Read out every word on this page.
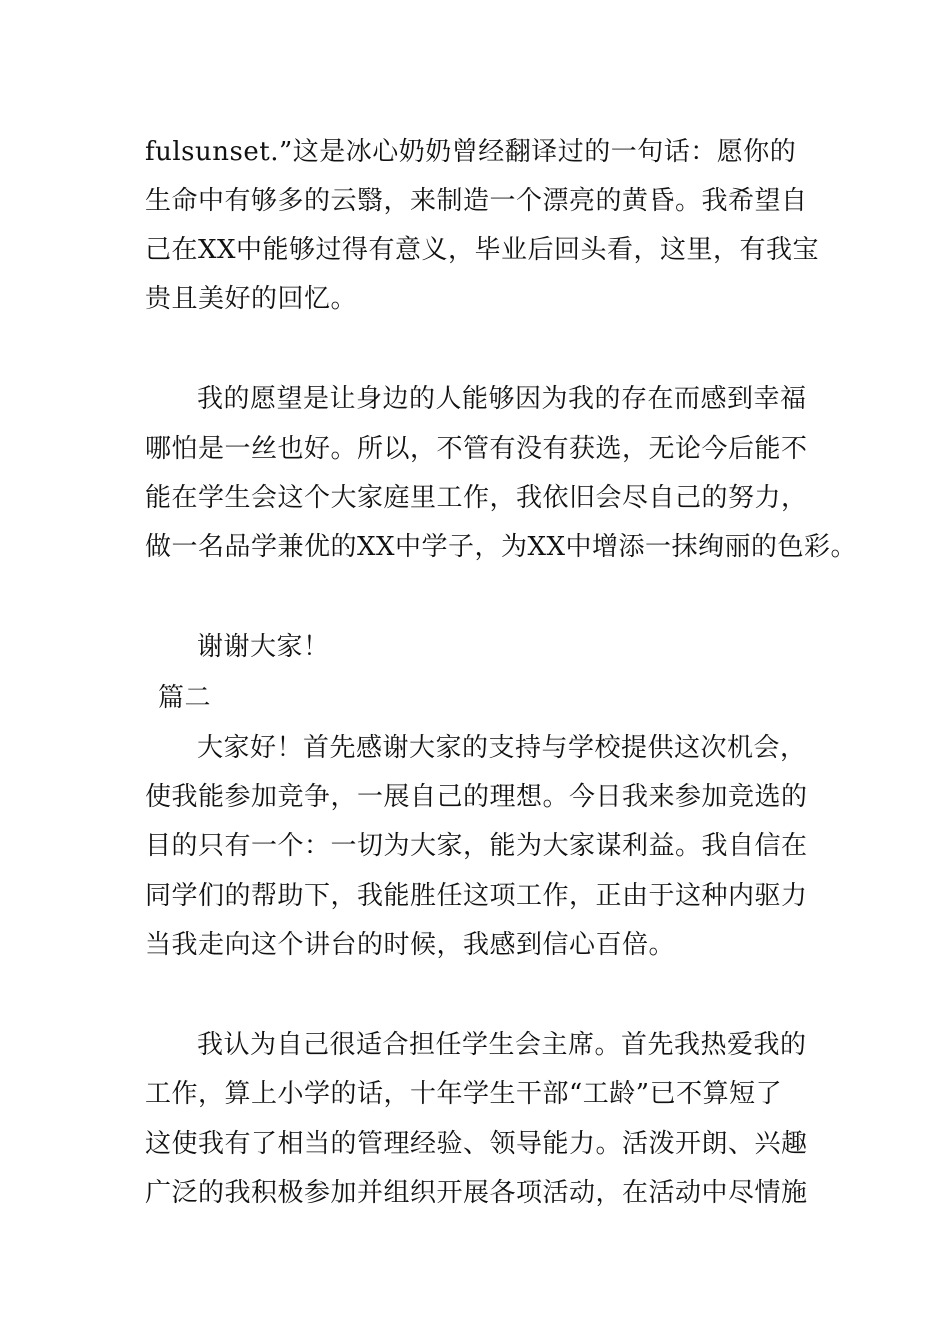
fulsunset.”这是冰心奶奶曾经翻译过的一句话：愿你的
生命中有够多的云翳，来制造一个漂亮的黄昏。我希望自
己在XX中能够过得有意义，毕业后回头看，这里，有我宝
贵且美好的回忆。
我的愿望是让身边的人能够因为我的存在而感到幸福
哪怕是一丝也好。所以，不管有没有获选，无论今后能不
能在学生会这个大家庭里工作，我依旧会尽自己的努力，
做一名品学兼优的XX中学子，为XX中增添一抹绚丽的色彩。
谢谢大家！
篇二
大家好！首先感谢大家的支持与学校提供这次机会，
使我能参加竞争，一展自己的理想。今日我来参加竞选的
目的只有一个：一切为大家，能为大家谋利益。我自信在
同学们的帮助下，我能胜任这项工作，正由于这种内驱力
当我走向这个讲台的时候，我感到信心百倍。
我认为自己很适合担任学生会主席。首先我热爱我的
工作，算上小学的话，十年学生干部“工龄”已不算短了
这使我有了相当的管理经验、领导能力。活泼开朗、兴趣
广泛的我积极参加并组织开展各项活动，在活动中尽情施
